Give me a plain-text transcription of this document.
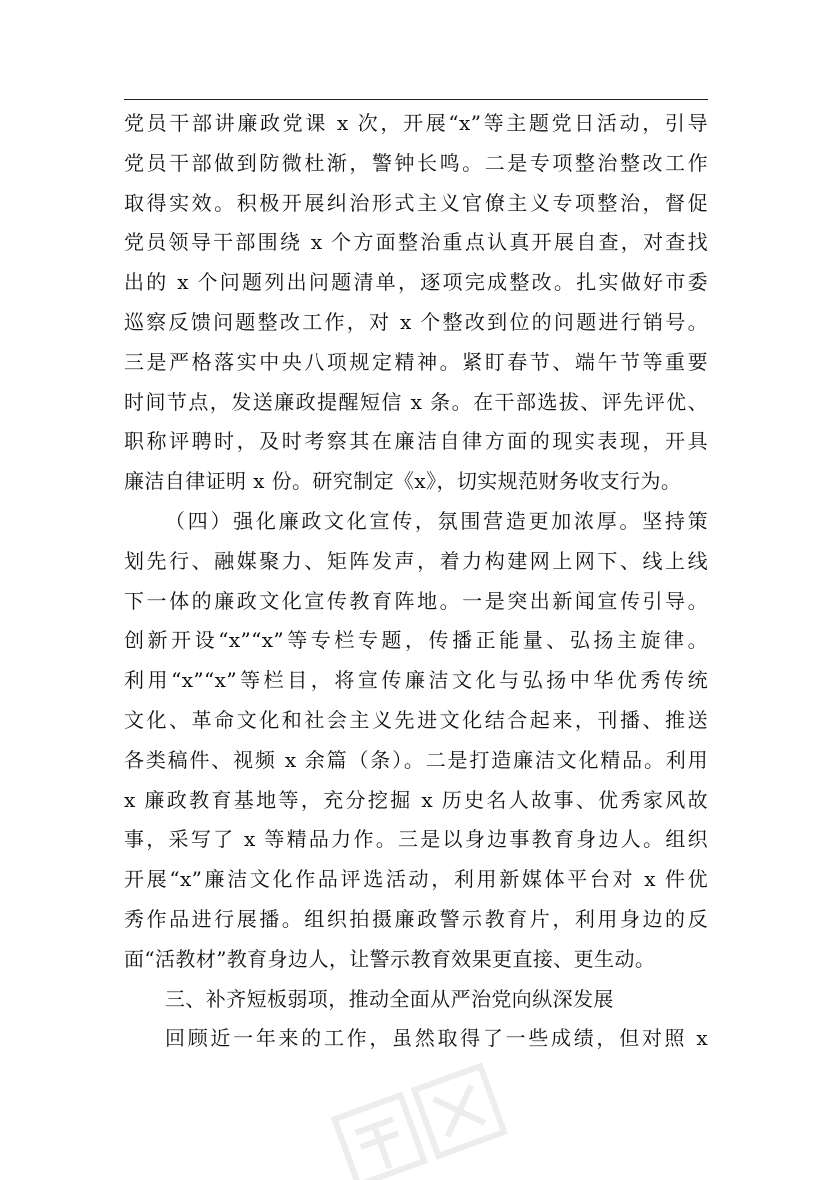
党员干部讲廉政党课 x 次，开展“x”等主题党日活动，引导
党员干部做到防微杜渐，警钟长鸣。二是专项整治整改工作
取得实效。积极开展纠治形式主义官僚主义专项整治，督促
党员领导干部围绕 x 个方面整治重点认真开展自查，对查找
出的 x 个问题列出问题清单，逐项完成整改。扎实做好市委
巡察反馈问题整改工作，对 x 个整改到位的问题进行销号。
三是严格落实中央八项规定精神。紧盯春节、端午节等重要
时间节点，发送廉政提醒短信 x 条。在干部选拔、评先评优、
职称评聘时，及时考察其在廉洁自律方面的现实表现，开具
廉洁自律证明 x 份。研究制定《x》，切实规范财务收支行为。
（四）强化廉政文化宣传，氛围营造更加浓厚。坚持策
划先行、融媒聚力、矩阵发声，着力构建网上网下、线上线
下一体的廉政文化宣传教育阵地。一是突出新闻宣传引导。
创新开设“x”“x”等专栏专题，传播正能量、弘扬主旋律。
利用“x”“x”等栏目，将宣传廉洁文化与弘扬中华优秀传统
文化、革命文化和社会主义先进文化结合起来，刊播、推送
各类稿件、视频 x 余篇（条）。二是打造廉洁文化精品。利用
x 廉政教育基地等，充分挖掘 x 历史名人故事、优秀家风故
事，采写了 x 等精品力作。三是以身边事教育身边人。组织
开展“x”廉洁文化作品评选活动，利用新媒体平台对 x 件优
秀作品进行展播。组织拍摄廉政警示教育片，利用身边的反
面“活教材”教育身边人，让警示教育效果更直接、更生动。
三、补齐短板弱项，推动全面从严治党向纵深发展
回顾近一年来的工作，虽然取得了一些成绩，但对照 x
